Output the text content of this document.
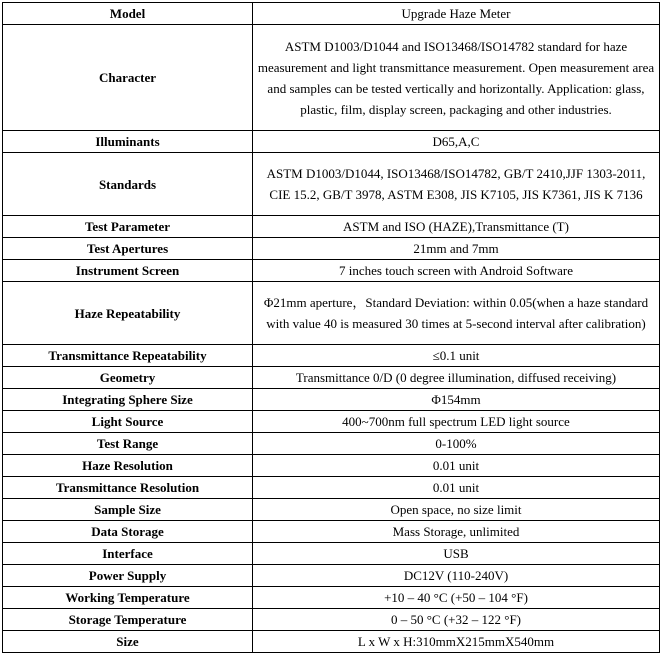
Model	Upgrade Haze Meter
Character	ASTM D1003/D1044 and ISO13468/ISO14782 standard for haze measurement and light transmittance measurement. Open measurement area and samples can be tested vertically and horizontally. Application: glass, plastic, film, display screen, packaging and other industries.
Illuminants	D65,A,C
Standards	ASTM D1003/D1044, ISO13468/ISO14782, GB/T 2410,JJF 1303-2011, CIE 15.2, GB/T 3978, ASTM E308, JIS K7105, JIS K7361, JIS K 7136
Test Parameter	ASTM and ISO (HAZE),Transmittance (T)
Test Apertures	21mm and 7mm
Instrument Screen	7 inches touch screen with Android Software
Haze Repeatability	Φ21mm aperture，Standard Deviation: within 0.05(when a haze standard with value 40 is measured 30 times at 5-second interval after calibration)
Transmittance Repeatability	≤0.1 unit
Geometry	Transmittance 0/D (0 degree illumination, diffused receiving)
Integrating Sphere Size	Φ154mm
Light Source	400~700nm full spectrum LED light source
Test Range	0-100%
Haze Resolution	0.01 unit
Transmittance Resolution	0.01 unit
Sample Size	Open space, no size limit
Data Storage	Mass Storage, unlimited
Interface	USB
Power Supply	DC12V (110-240V)
Working Temperature	+10 – 40 °C (+50 – 104 °F)
Storage Temperature	0 – 50 °C (+32 – 122 °F)
Size	L x W x H:310mmX215mmX540mm
